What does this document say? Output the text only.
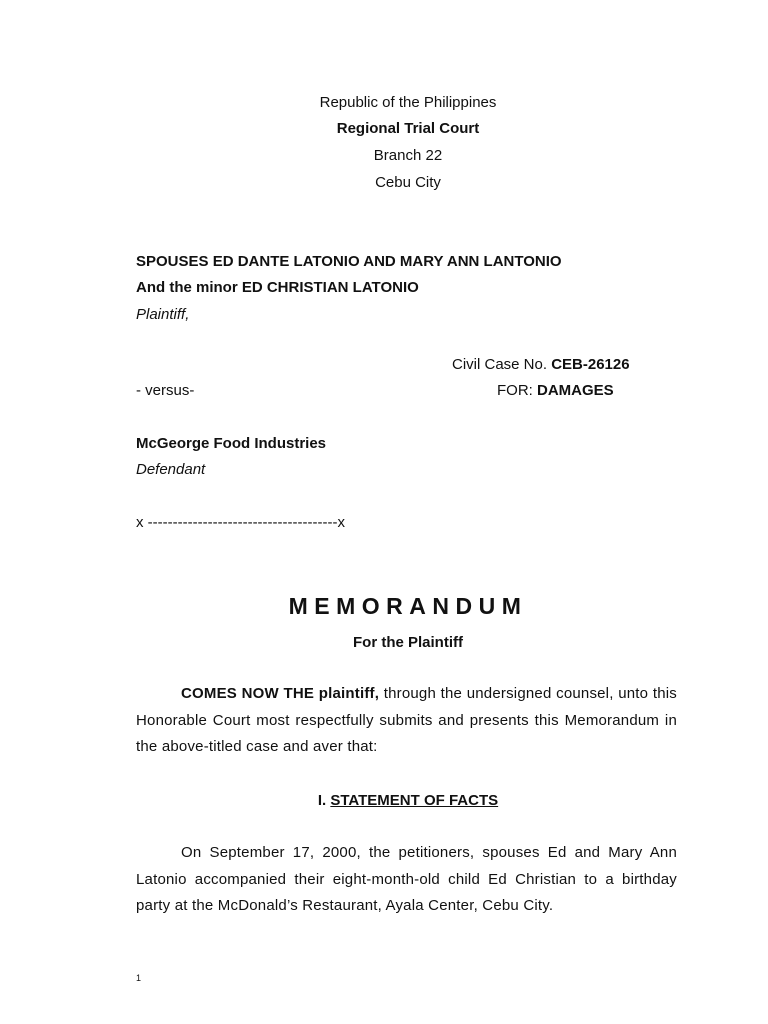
Republic of the Philippines
Regional Trial Court
Branch 22
Cebu City
SPOUSES ED DANTE LATONIO AND MARY ANN LANTONIO
And the minor ED CHRISTIAN LATONIO
Plaintiff,
Civil Case No. CEB-26126
- versus-	FOR: DAMAGES
McGeorge Food Industries
Defendant
x --------------------------------------x
MEMORANDUM
For the Plaintiff
COMES NOW THE plaintiff, through the undersigned counsel, unto this Honorable Court most respectfully submits and presents this Memorandum in the above-titled case and aver that:
I. STATEMENT OF FACTS
On September 17, 2000, the petitioners, spouses Ed and Mary Ann Latonio accompanied their eight-month-old child Ed Christian to a birthday party at the McDonald’s Restaurant, Ayala Center, Cebu City.
1
